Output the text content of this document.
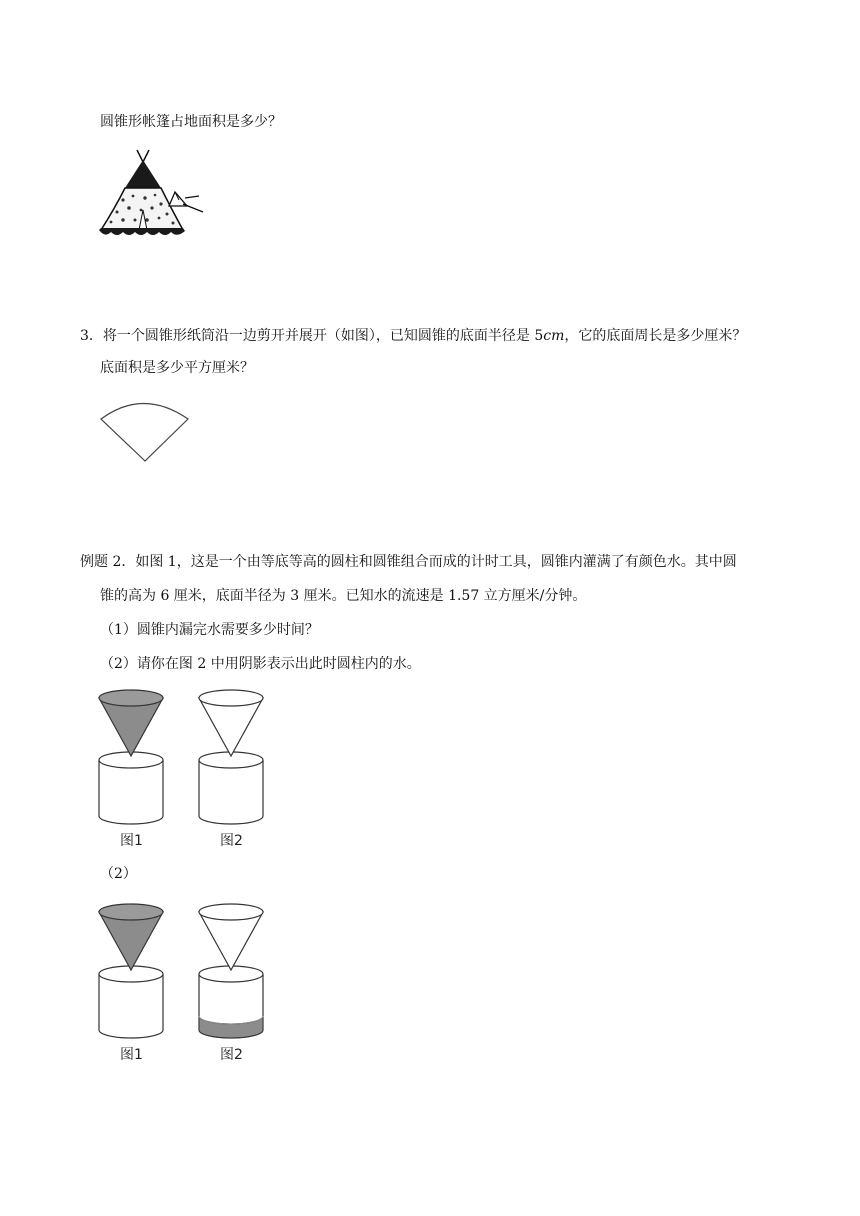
圆锥形帐篷占地面积是多少？
3．将一个圆锥形纸筒沿一边剪开并展开（如图），已知圆锥的底面半径是 5cm，它的底面周长是多少厘米？
底面积是多少平方厘米？
例题 2．如图 1，这是一个由等底等高的圆柱和圆锥组合而成的计时工具，圆锥内灌满了有颜色水。其中圆
锥的高为 6 厘米，底面半径为 3 厘米。已知水的流速是 1.57 立方厘米/分钟。
（1）圆锥内漏完水需要多少时间？
（2）请你在图 2 中用阴影表示出此时圆柱内的水。
图1	图2
（2）
图1	图2
